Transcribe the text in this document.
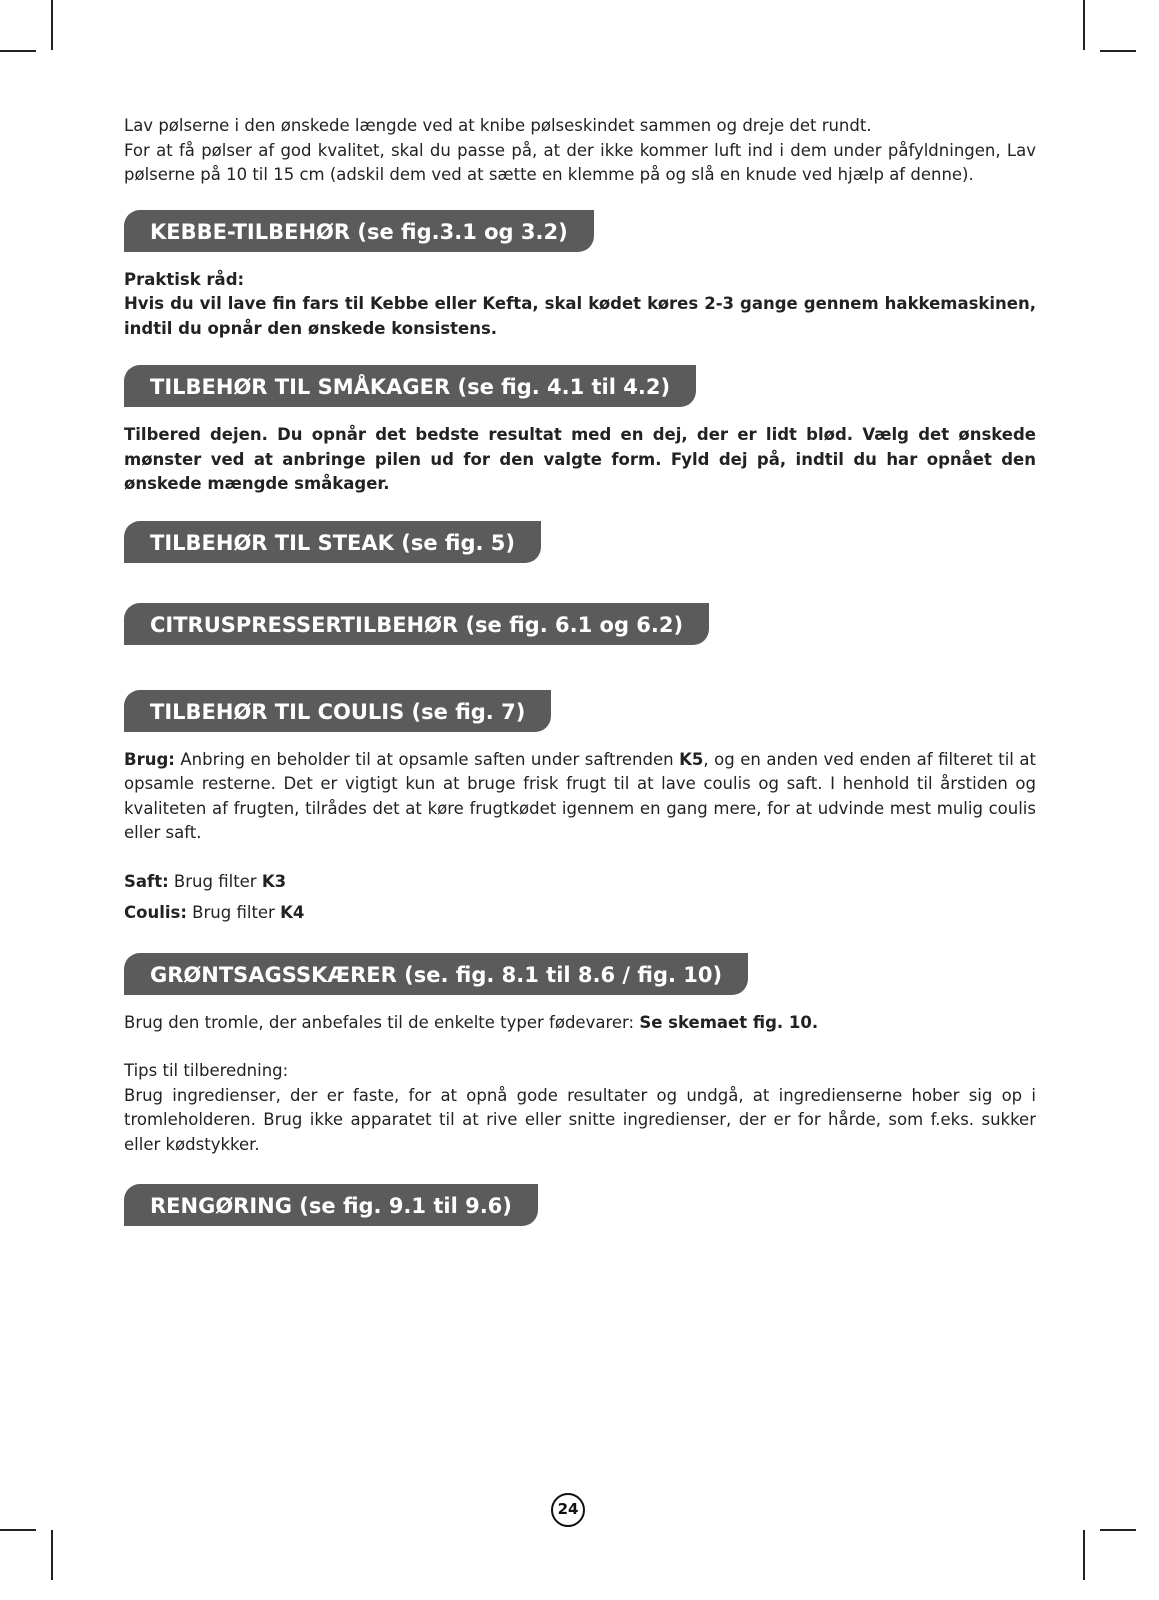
Lav pølserne i den ønskede længde ved at knibe pølseskindet sammen og dreje det rundt.

For at få pølser af god kvalitet, skal du passe på, at der ikke kommer luft ind i dem under påfyldningen, Lav pølserne på 10 til 15 cm (adskil dem ved at sætte en klemme på og slå en knude ved hjælp af denne).

KEBBE-TILBEHØR (se fig.3.1 og 3.2)

Praktisk råd:

Hvis du vil lave fin fars til Kebbe eller Kefta, skal kødet køres 2-3 gange gennem hakkemaskinen, indtil du opnår den ønskede konsistens.

TILBEHØR TIL SMÅKAGER (se fig. 4.1 til 4.2)

Tilbered dejen. Du opnår det bedste resultat med en dej, der er lidt blød. Vælg det ønskede mønster ved at anbringe pilen ud for den valgte form. Fyld dej på, indtil du har opnået den ønskede mængde småkager.

TILBEHØR TIL STEAK (se fig. 5)
CITRUSPRESSERTILBEHØR (se fig. 6.1 og 6.2)
TILBEHØR TIL COULIS (se fig. 7)

Brug: Anbring en beholder til at opsamle saften under saftrenden K5, og en anden ved enden af filteret til at opsamle resterne. Det er vigtigt kun at bruge frisk frugt til at lave coulis og saft. I henhold til årstiden og kvaliteten af frugten, tilrådes det at køre frugtkødet igennem en gang mere, for at udvinde mest mulig coulis eller saft.

Saft: Brug filter K3

Coulis: Brug filter K4

GRØNTSAGSSKÆRER (se. fig. 8.1 til 8.6 / fig. 10)

Brug den tromle, der anbefales til de enkelte typer fødevarer: Se skemaet fig. 10.

Tips til tilberedning:

Brug ingredienser, der er faste, for at opnå gode resultater og undgå, at ingredienserne hober sig op i tromleholderen. Brug ikke apparatet til at rive eller snitte ingredienser, der er for hårde, som f.eks. sukker eller kødstykker.

RENGØRING (se fig. 9.1 til 9.6)
24
